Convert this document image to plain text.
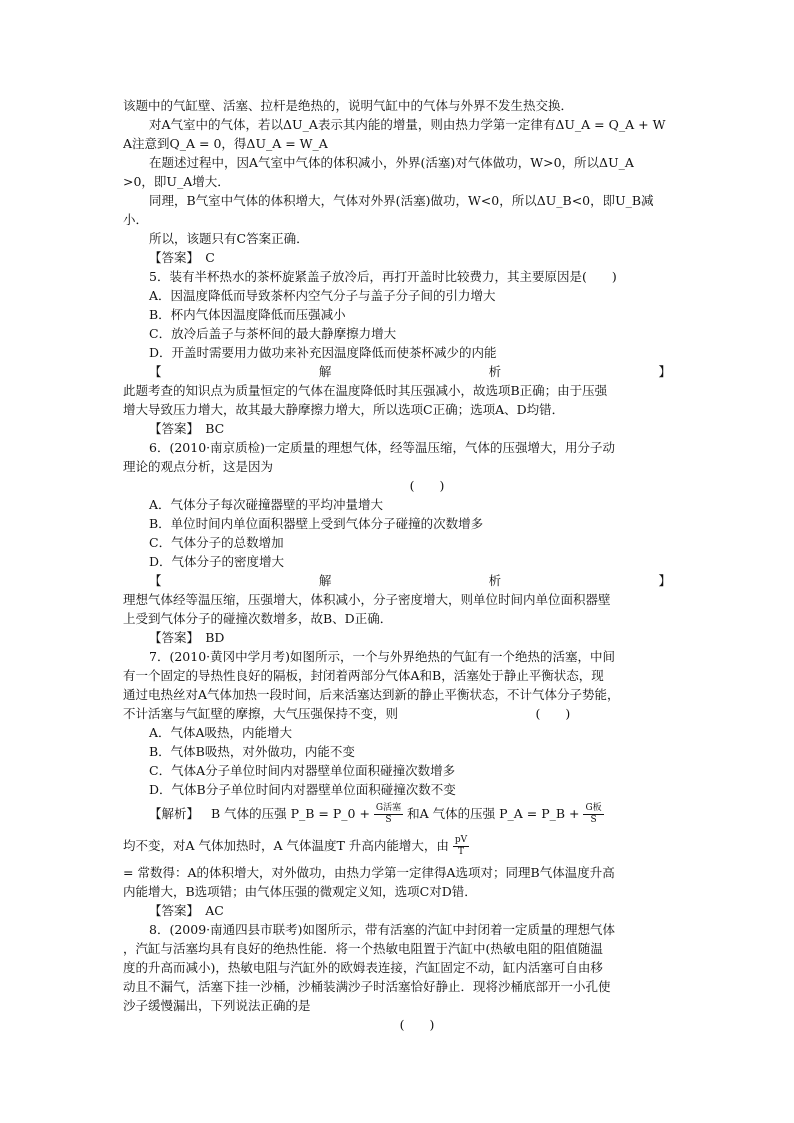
该题中的气缸壁、活塞、拉杆是绝热的，说明气缸中的气体与外界不发生热交换．
对A气室中的气体，若以ΔU_A表示其内能的增量，则由热力学第一定律有ΔU_A = Q_A + W
A注意到Q_A = 0，得ΔU_A = W_A
在题述过程中，因A气室中气体的体积减小，外界(活塞)对气体做功，W>0，所以ΔU_A
>0，即U_A增大．
同理，B气室中气体的体积增大，气体对外界(活塞)做功，W<0，所以ΔU_B<0，即U_B减
小．
所以，该题只有C答案正确．
【答案】　C
5．装有半杯热水的茶杯旋紧盖子放冷后，再打开盖时比较费力，其主要原因是(　　)
A．因温度降低而导致茶杯内空气分子与盖子分子间的引力增大
B．杯内气体因温度降低而压强减小
C．放冷后盖子与茶杯间的最大静摩擦力增大
D．开盖时需要用力做功来补充因温度降低而使茶杯减少的内能
【	解	析	】
此题考查的知识点为质量恒定的气体在温度降低时其压强减小，故选项B正确；由于压强
增大导致压力增大，故其最大静摩擦力增大，所以选项C正确；选项A、D均错．
【答案】　BC
6．(2010·南京质检)一定质量的理想气体，经等温压缩，气体的压强增大，用分子动
理论的观点分析，这是因为
(　　)
A．气体分子每次碰撞器壁的平均冲量增大
B．单位时间内单位面积器壁上受到气体分子碰撞的次数增多
C．气体分子的总数增加
D．气体分子的密度增大
【	解	析	】
理想气体经等温压缩，压强增大，体积减小，分子密度增大，则单位时间内单位面积器壁
上受到气体分子的碰撞次数增多，故B、D正确．
【答案】　BD
7．(2010·黄冈中学月考)如图所示，一个与外界绝热的气缸有一个绝热的活塞，中间
有一个固定的导热性良好的隔板，封闭着两部分气体A和B，活塞处于静止平衡状态，现
通过电热丝对A气体加热一段时间，后来活塞达到新的静止平衡状态，不计气体分子势能，
不计活塞与气缸壁的摩擦，大气压强保持不变，则　　　　　　　　　　　(　　)
A．气体A吸热，内能增大
B．气体B吸热，对外做功，内能不变
C．气体A分子单位时间内对器壁单位面积碰撞次数增多
D．气体B分子单位时间内对器壁单位面积碰撞次数不变
【解析】 B 气体的压强 P_B = P_0 + $\frac{\text{G活塞}}{S}$ 和A 气体的压强 P_A = P_B + $\frac{\text{G板}}{S}$
均不变，对A 气体加热时，A 气体温度T 升高内能增大，由 $\frac{pV}{T}$
= 常数得：A的体积增大，对外做功，由热力学第一定律得A选项对；同理B气体温度升高
内能增大，B选项错；由气体压强的微观定义知，选项C对D错．
【答案】　AC
8．(2009·南通四县市联考)如图所示，带有活塞的汽缸中封闭着一定质量的理想气体
，汽缸与活塞均具有良好的绝热性能．将一个热敏电阻置于汽缸中(热敏电阻的阻值随温
度的升高而减小)，热敏电阻与汽缸外的欧姆表连接，汽缸固定不动，缸内活塞可自由移
动且不漏气，活塞下挂一沙桶，沙桶装满沙子时活塞恰好静止．现将沙桶底部开一小孔使
沙子缓慢漏出，下列说法正确的是
(　　)
